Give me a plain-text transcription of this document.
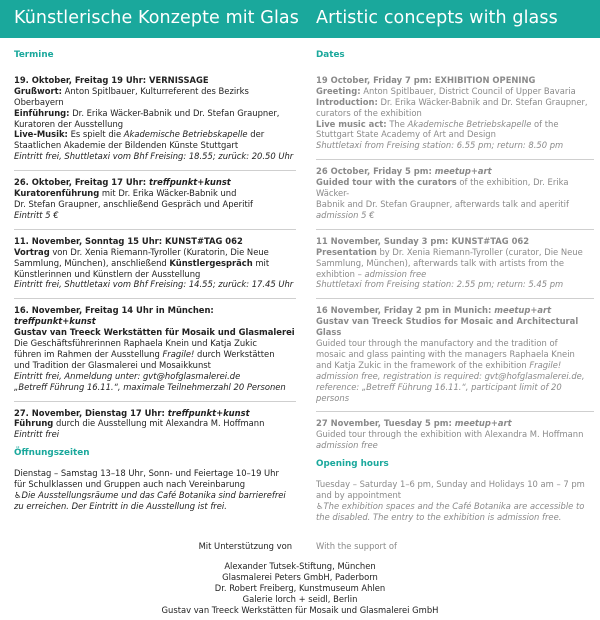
Künstlerische Konzepte mit Glas Artistic concepts with glass
Termine
19. Oktober, Freitag 19 Uhr: VERNISSAGE
Grußwort: Anton Spitlbauer, Kulturreferent des Bezirks Oberbayern
Einführung: Dr. Erika Wäcker-Babnik und Dr. Stefan Graupner,
Kuratoren der Ausstellung
Live-Musik: Es spielt die Akademische Betriebskapelle der
Staatlichen Akademie der Bildenden Künste Stuttgart
Eintritt frei, Shuttletaxi vom Bhf Freising: 18.55; zurück: 20.50 Uhr
26. Oktober, Freitag 17 Uhr: treffpunkt+kunst
Kuratorenführung mit Dr. Erika Wäcker-Babnik und
Dr. Stefan Graupner, anschließend Gespräch und Aperitif
Eintritt 5 €
11. November, Sonntag 15 Uhr: KUNST#TAG 062
Vortrag von Dr. Xenia Riemann-Tyroller (Kuratorin, Die Neue
Sammlung, München), anschließend Künstlergespräch mit
Künstlerinnen und Künstlern der Ausstellung
Eintritt frei, Shuttletaxi vom Bhf Freising: 14.55; zurück: 17.45 Uhr
16. November, Freitag 14 Uhr in München: treffpunkt+kunst
Gustav van Treeck Werkstätten für Mosaik und Glasmalerei
Die Geschäftsführerinnen Raphaela Knein und Katja Zukic
führen im Rahmen der Ausstellung Fragile! durch Werkstätten
und Tradition der Glasmalerei und Mosaikkunst
Eintritt frei, Anmeldung unter: gvt@hofglasmalerei.de
„Betreff Führung 16.11.“, maximale Teilnehmerzahl 20 Personen
27. November, Dienstag 17 Uhr: treffpunkt+kunst
Führung durch die Ausstellung mit Alexandra M. Hoffmann
Eintritt frei
Öffnungszeiten
Dienstag – Samstag 13–18 Uhr, Sonn- und Feiertage 10–19 Uhr
für Schulklassen und Gruppen auch nach Vereinbarung
♿Die Ausstellungsräume und das Café Botanika sind barrierefrei
zu erreichen. Der Eintritt in die Ausstellung ist frei.
Dates
19 October, Friday 7 pm: EXHIBITION OPENING
Greeting: Anton Spitlbauer, District Council of Upper Bavaria
Introduction: Dr. Erika Wäcker-Babnik and Dr. Stefan Graupner,
curators of the exhibition
Live music act: The Akademische Betriebskapelle of the
Stuttgart State Academy of Art and Design
Shuttletaxi from Freising station: 6.55 pm; return: 8.50 pm
26 October, Friday 5 pm: meetup+art
Guided tour with the curators of the exhibition, Dr. Erika Wäcker-
Babnik and Dr. Stefan Graupner, afterwards talk and aperitif
admission 5 €
11 November, Sunday 3 pm: KUNST#TAG 062
Presentation by Dr. Xenia Riemann-Tyroller (curator, Die Neue
Sammlung, München), afterwards talk with artists from the
exhibtion – admission free
Shuttletaxi from Freising station: 2.55 pm; return: 5.45 pm
16 November, Friday 2 pm in Munich: meetup+art
Gustav van Treeck Studios for Mosaic and Architectural Glass
Guided tour through the manufactory and the tradition of
mosaic and glass painting with the managers Raphaela Knein
and Katja Zukic in the framework of the exhibition Fragile!
admission free, registration is required: gvt@hofglasmalerei.de,
reference: „Betreff Führung 16.11.“, participant limit of 20 persons
27 November, Tuesday 5 pm: meetup+art
Guided tour through the exhibition with Alexandra M. Hoffmann
admission free
Opening hours
Tuesday – Saturday 1–6 pm, Sunday and Holidays 10 am – 7 pm
and by appointment
♿The exhibition spaces and the Café Botanika are accessible to
the disabled. The entry to the exhibition is admission free.
Mit Unterstützung von	With the support of
Alexander Tutsek-Stiftung, München
Glasmalerei Peters GmbH, Paderborn
Dr. Robert Freiberg, Kunstmuseum Ahlen
Galerie lorch + seidl, Berlin
Gustav van Treeck Werkstätten für Mosaik und Glasmalerei GmbH
